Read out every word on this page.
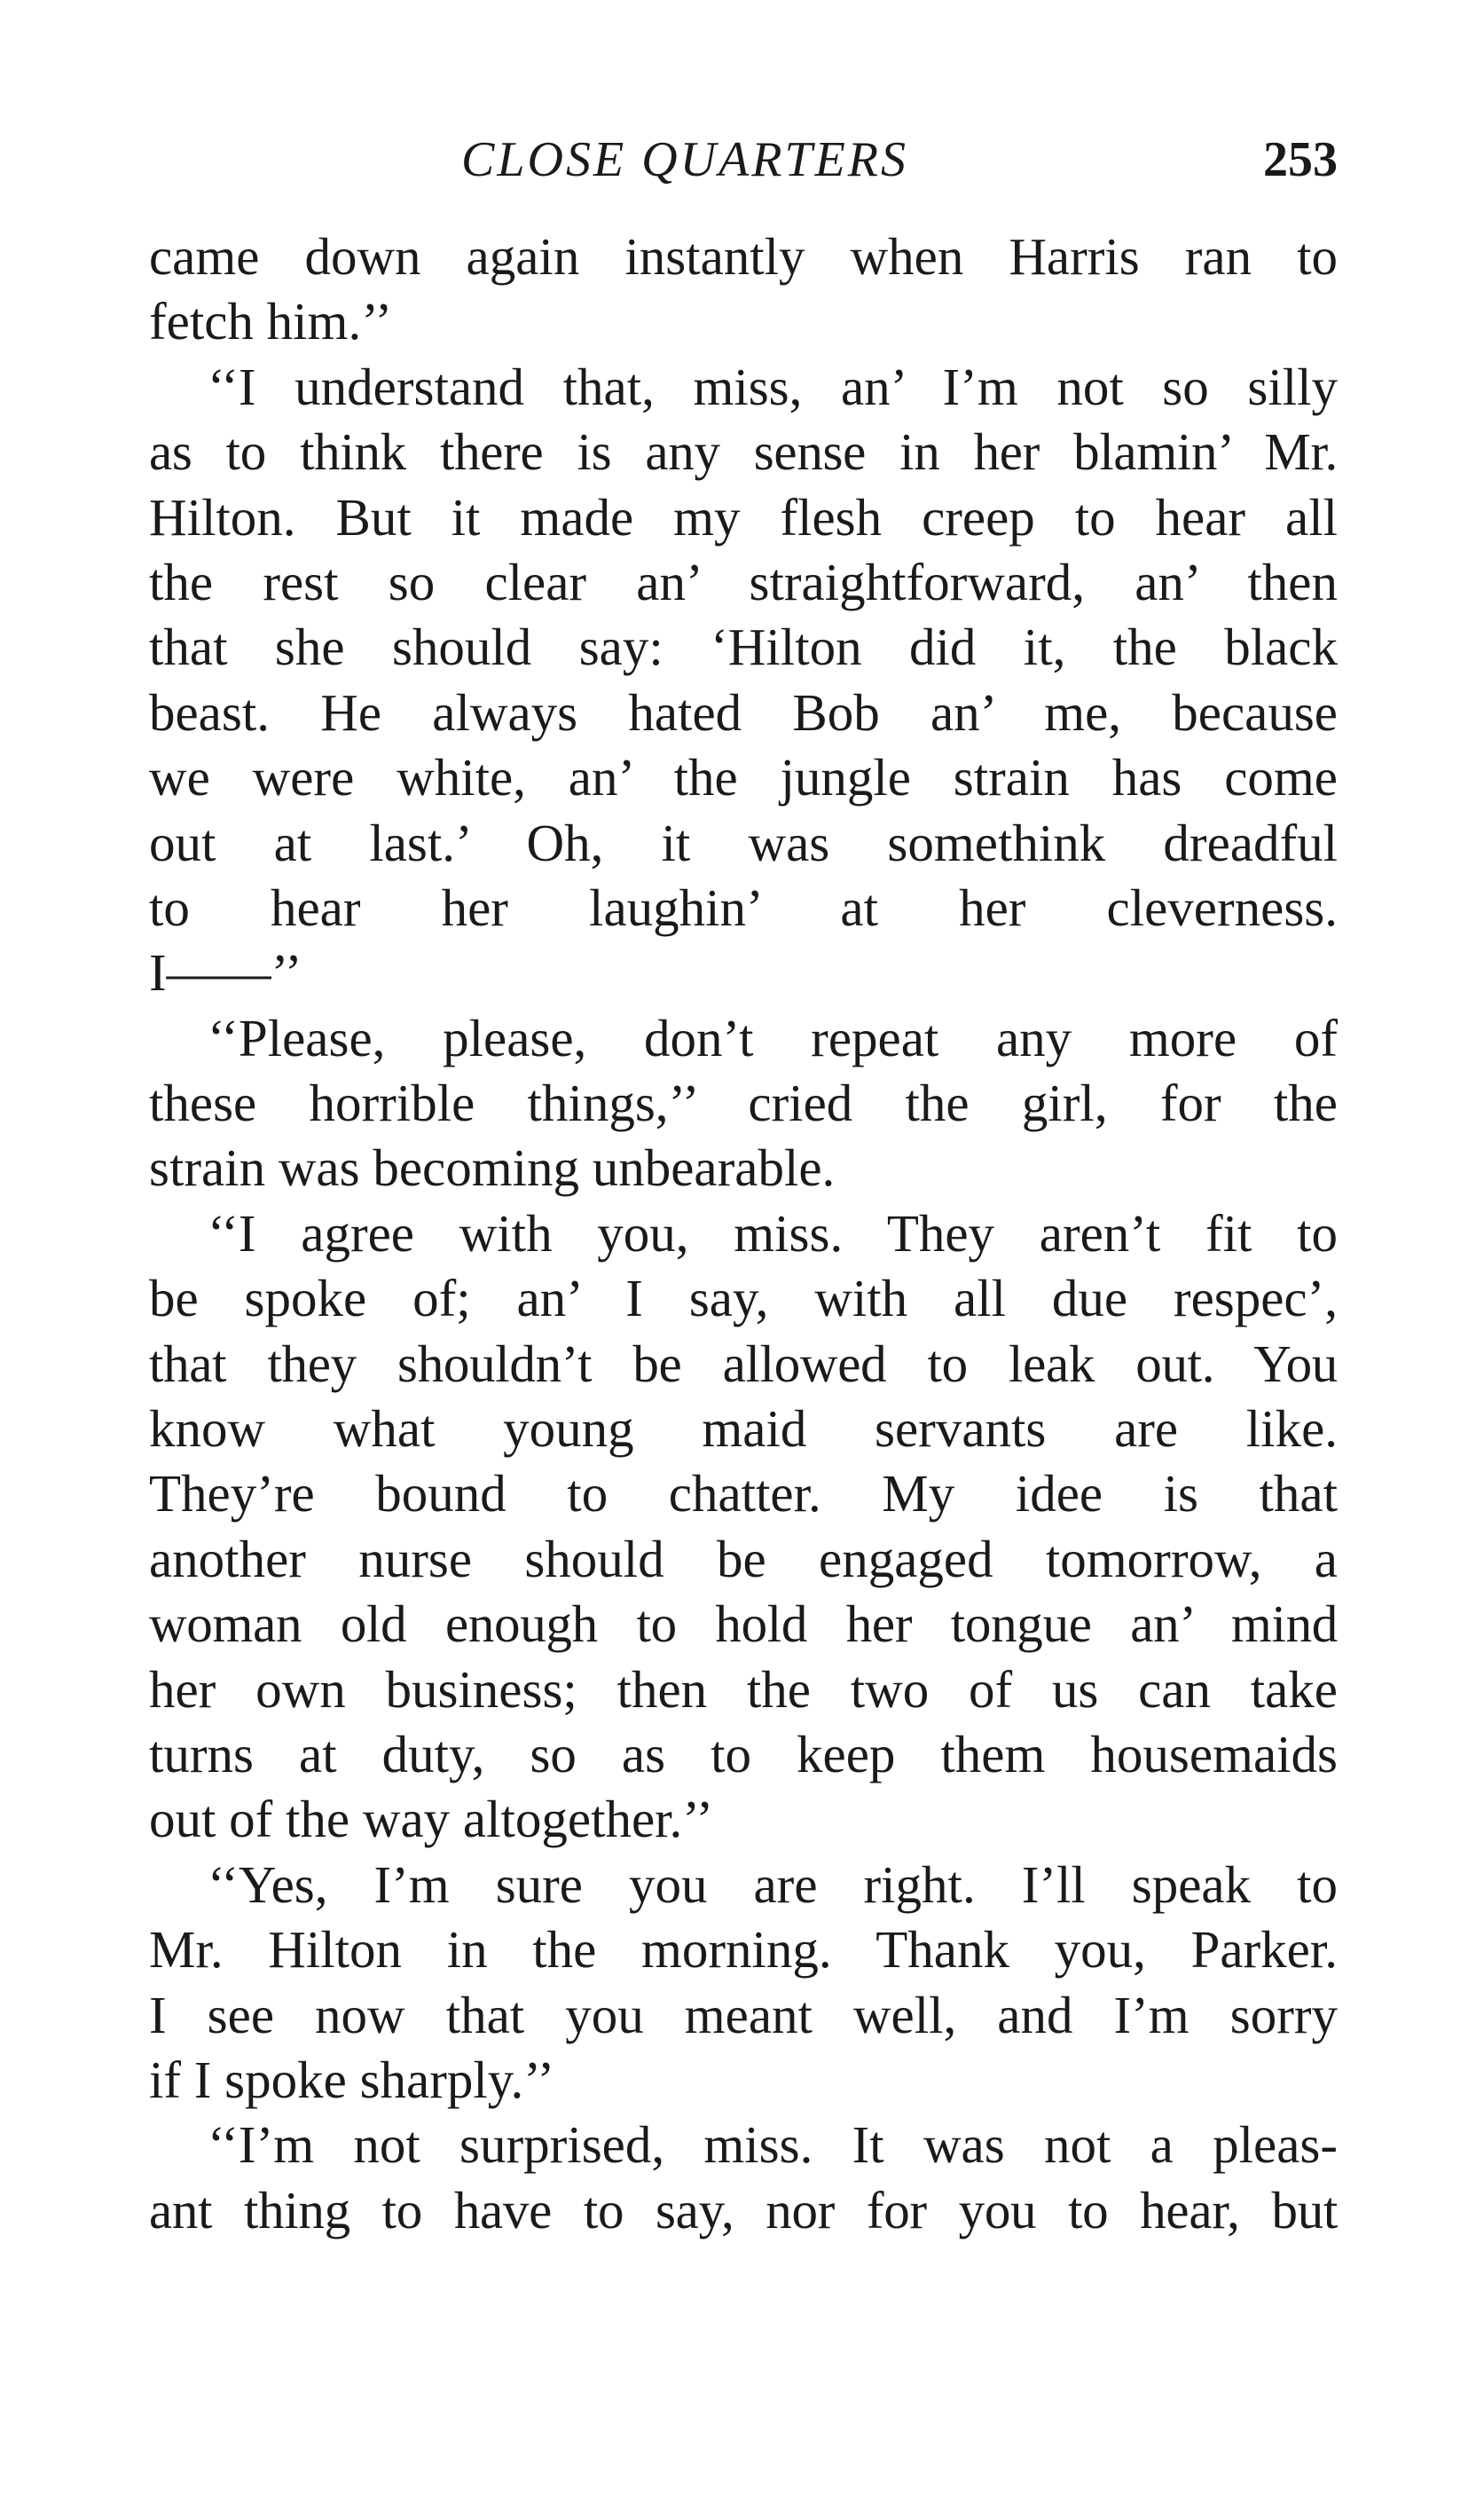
CLOSE QUARTERS	253
came down again instantly when Harris ran to
fetch him.’’
‘‘I understand that, miss, an’ I’m not so silly
as to think there is any sense in her blamin’ Mr.
Hilton. But it made my flesh creep to hear all
the rest so clear an’ straightforward, an’ then
that she should say: ‘Hilton did it, the black
beast. He always hated Bob an’ me, because
we were white, an’ the jungle strain has come
out at last.’ Oh, it was somethink dreadful
to hear her laughin’ at her cleverness.
I——’’
‘‘Please, please, don’t repeat any more of
these horrible things,’’ cried the girl, for the
strain was becoming unbearable.
‘‘I agree with you, miss. They aren’t fit to
be spoke of; an’ I say, with all due respec’,
that they shouldn’t be allowed to leak out. You
know what young maid servants are like.
They’re bound to chatter. My idee is that
another nurse should be engaged tomorrow, a
woman old enough to hold her tongue an’ mind
her own business; then the two of us can take
turns at duty, so as to keep them housemaids
out of the way altogether.’’
‘‘Yes, I’m sure you are right. I’ll speak to
Mr. Hilton in the morning. Thank you, Parker.
I see now that you meant well, and I’m sorry
if I spoke sharply.’’
‘‘I’m not surprised, miss. It was not a pleas-
ant thing to have to say, nor for you to hear, but
